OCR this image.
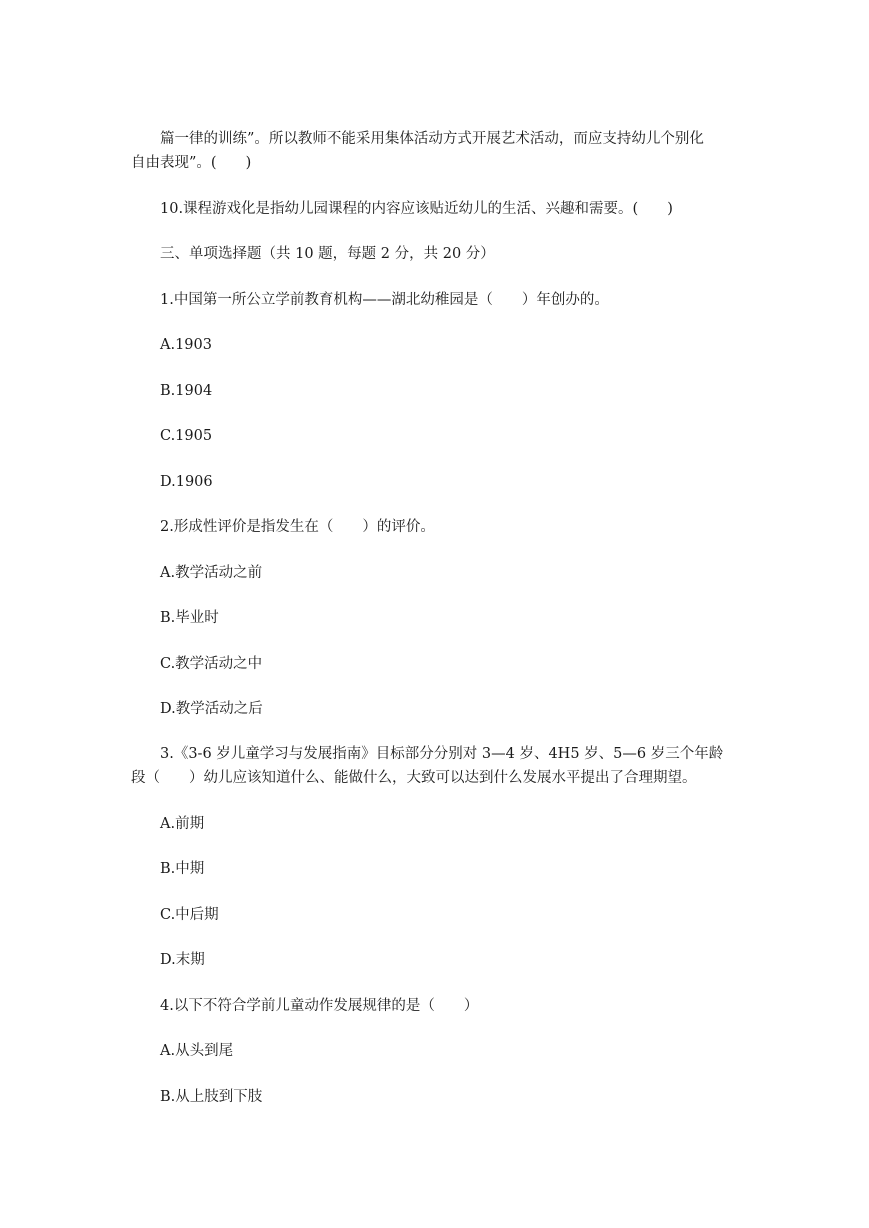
篇一律的训练”。所以教师不能采用集体活动方式开展艺术活动，而应支持幼儿个别化
自由表现”。(　　)
10.课程游戏化是指幼儿园课程的内容应该贴近幼儿的生活、兴趣和需要。(　　)
三、单项选择题（共 10 题，每题 2 分，共 20 分）
1.中国第一所公立学前教育机构——湖北幼稚园是（　　）年创办的。
A.1903
B.1904
C.1905
D.1906
2.形成性评价是指发生在（　　）的评价。
A.教学活动之前
B.毕业时
C.教学活动之中
D.教学活动之后
3.《3-6 岁儿童学习与发展指南》目标部分分别对 3—4 岁、4H5 岁、5—6 岁三个年龄
段（　　）幼儿应该知道什么、能做什么，大致可以达到什么发展水平提出了合理期望。
A.前期
B.中期
C.中后期
D.末期
4.以下不符合学前儿童动作发展规律的是（　　）
A.从头到尾
B.从上肢到下肢
